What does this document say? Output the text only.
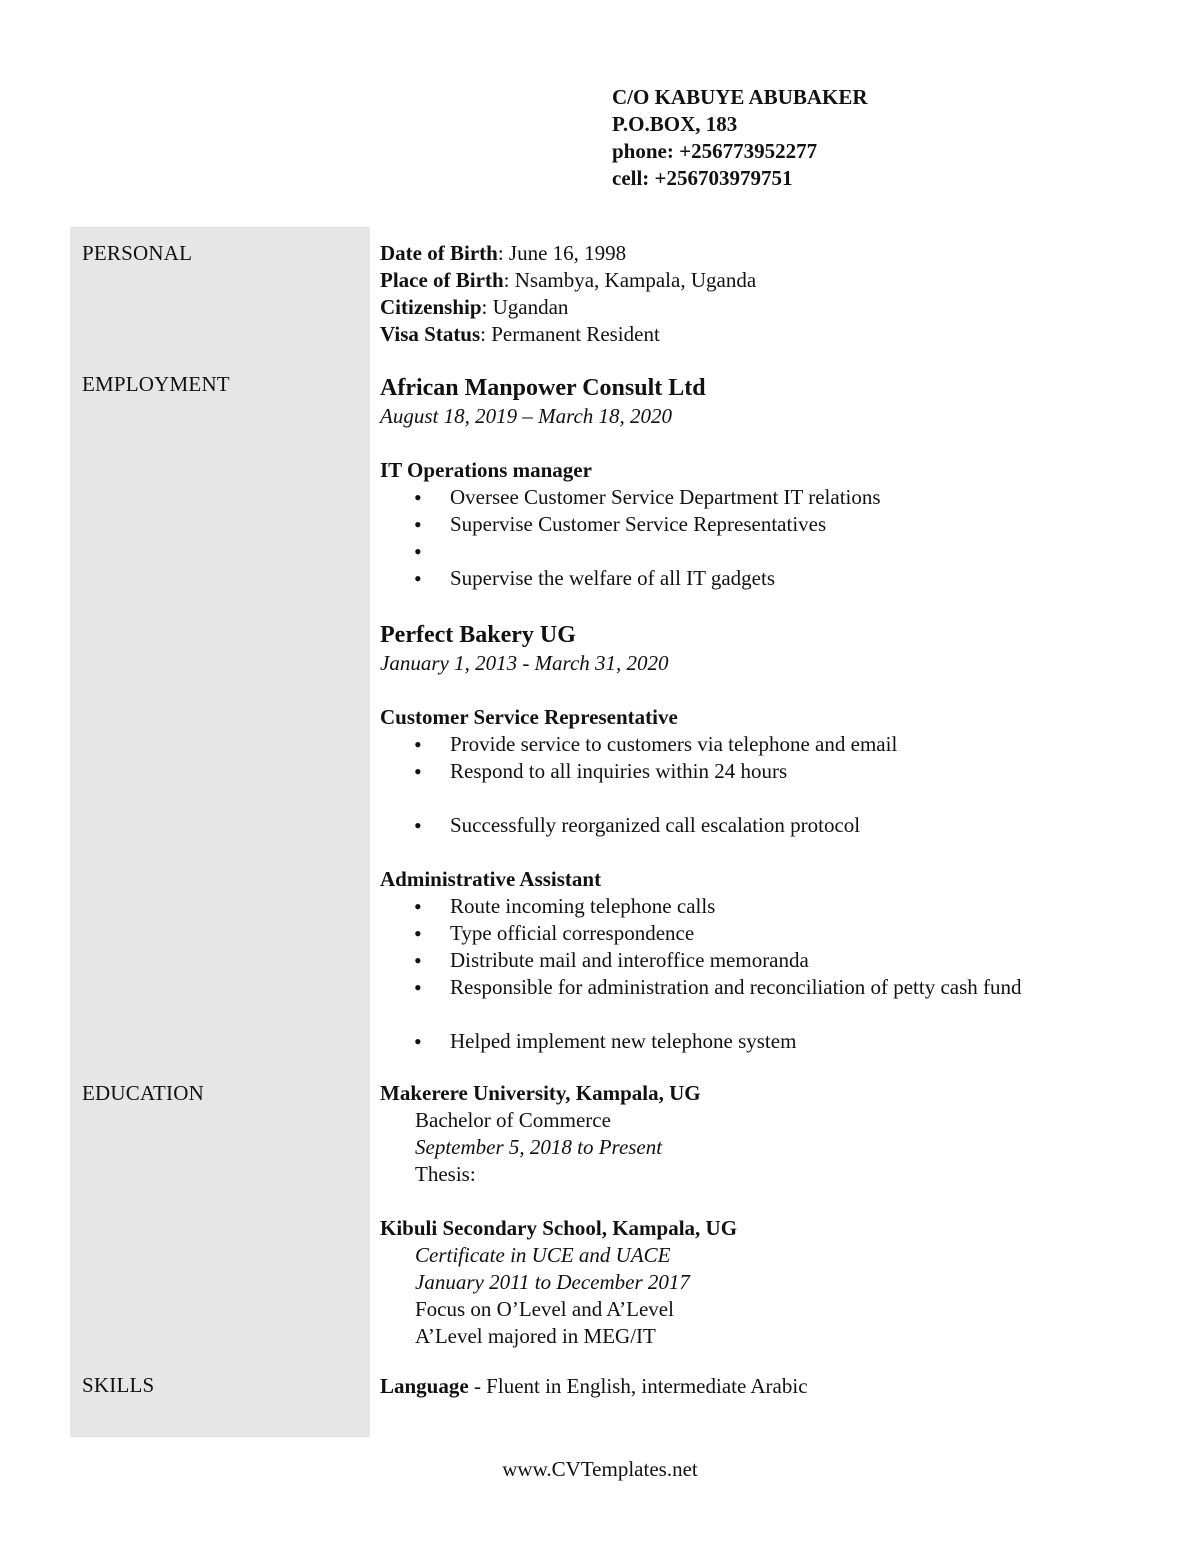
C/O KABUYE ABUBAKER
P.O.BOX, 183
phone: +256773952277
cell: +256703979751
PERSONAL
EMPLOYMENT
EDUCATION
SKILLS
Date of Birth: June 16, 1998
Place of Birth: Nsambya, Kampala, Uganda
Citizenship: Ugandan
Visa Status: Permanent Resident
African Manpower Consult Ltd
August 18, 2019 – March 18, 2020
IT Operations manager
• Oversee Customer Service Department IT relations
• Supervise Customer Service Representatives
•
• Supervise the welfare of all IT gadgets
Perfect Bakery UG
January 1, 2013 - March 31, 2020
Customer Service Representative
• Provide service to customers via telephone and email
• Respond to all inquiries within 24 hours
• Successfully reorganized call escalation protocol
Administrative Assistant
• Route incoming telephone calls
• Type official correspondence
• Distribute mail and interoffice memoranda
• Responsible for administration and reconciliation of petty cash fund
• Helped implement new telephone system
Makerere University, Kampala, UG
Bachelor of Commerce
September 5, 2018 to Present
Thesis:
Kibuli Secondary School, Kampala, UG
Certificate in UCE and UACE
January 2011 to December 2017
Focus on O’Level and A’Level
A’Level majored in MEG/IT
Language - Fluent in English, intermediate Arabic
www.CVTemplates.net
